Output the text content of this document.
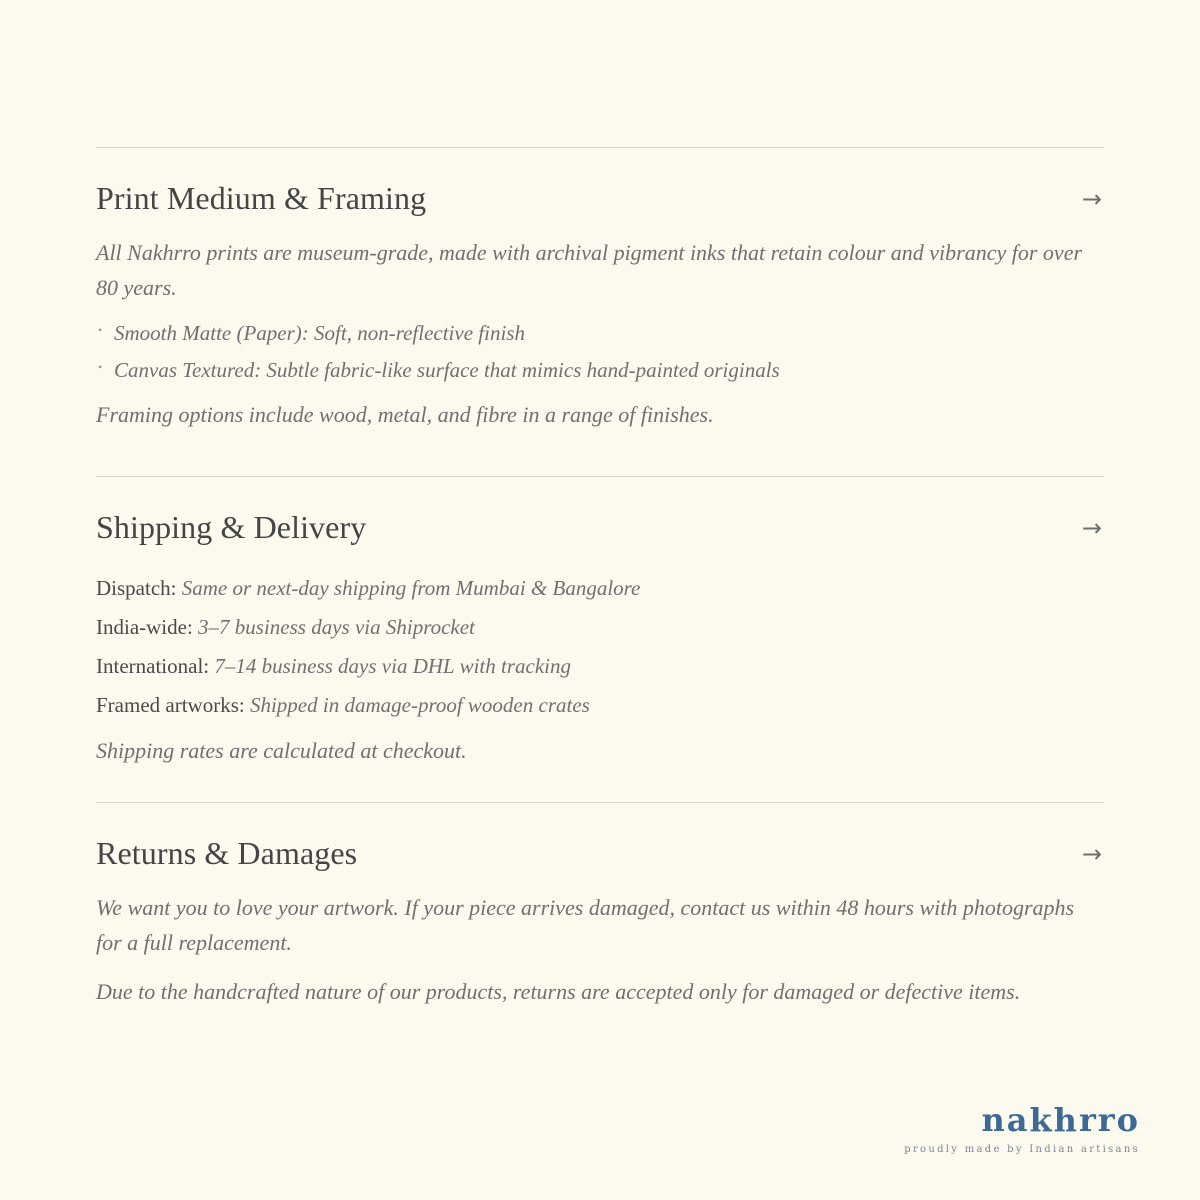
Print Medium & Framing	→

All Nakhrro prints are museum-grade, made with archival pigment inks that retain colour and vibrancy for over 80 years.

• Smooth Matte (Paper): Soft, non-reflective finish
• Canvas Textured: Subtle fabric-like surface that mimics hand-painted originals

Framing options include wood, metal, and fibre in a range of finishes.

Shipping & Delivery	→
Dispatch: Same or next-day shipping from Mumbai & Bangalore
India-wide: 3–7 business days via Shiprocket
International: 7–14 business days via DHL with tracking
Framed artworks: Shipped in damage-proof wooden crates

Shipping rates are calculated at checkout.

Returns & Damages	→

We want you to love your artwork. If your piece arrives damaged, contact us within 48 hours with photographs for a full replacement.

Due to the handcrafted nature of our products, returns are accepted only for damaged or defective items.

nakhrro
proudly made by Indian artisans
